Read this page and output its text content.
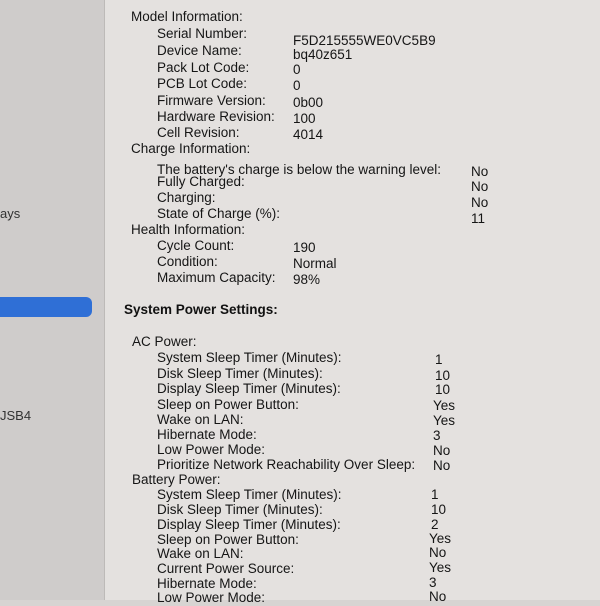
ays
JSB4
Model Information:
Serial Number:	F5D215555WE0VC5B9
Device Name:	bq40z651
Pack Lot Code:	0
PCB Lot Code:	0
Firmware Version: 0b00
Hardware Revision: 100
Cell Revision:	4014
Charge Information:
The battery's charge is below the warning level: No
Fully Charged:	No
Charging:	No
State of Charge (%):	11
Health Information:
Cycle Count:	190
Condition:	Normal
Maximum Capacity: 98%
System Power Settings:
AC Power:
System Sleep Timer (Minutes):	1
Disk Sleep Timer (Minutes):	10
Display Sleep Timer (Minutes):	10
Sleep on Power Button:	Yes
Wake on LAN:	Yes
Hibernate Mode:	3
Low Power Mode:	No
Prioritize Network Reachability Over Sleep: No
Battery Power:
System Sleep Timer (Minutes):	1
Disk Sleep Timer (Minutes):	10
Display Sleep Timer (Minutes):	2
Sleep on Power Button:	Yes
Wake on LAN:	No
Current Power Source:	Yes
Hibernate Mode:	3
Low Power Mode:	No
